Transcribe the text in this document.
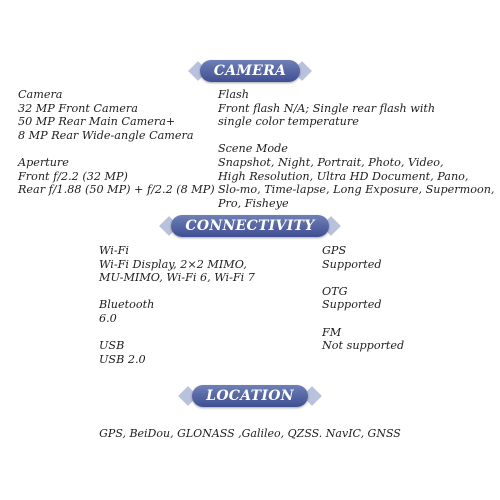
CAMERA

Camera

32 MP Front Camera

50 MP Rear Main Camera+

8 MP Rear Wide-angle Camera

Aperture

Front f/2.2 (32 MP)

Rear f/1.88 (50 MP) + f/2.2 (8 MP)

Flash

Front flash N/A; Single rear flash with

single color temperature

Scene Mode

Snapshot, Night, Portrait, Photo, Video,

High Resolution, Ultra HD Document, Pano,

Slo-mo, Time-lapse, Long Exposure, Supermoon,

Pro, Fisheye

CONNECTIVITY

Wi-Fi

Wi-Fi Display, 2×2 MIMO,

MU-MIMO, Wi-Fi 6, Wi-Fi 7

Bluetooth

6.0

USB

USB 2.0

GPS

Supported

OTG

Supported

FM

Not supported

LOCATION
GPS, BeiDou, GLONASS ,Galileo, QZSS. NavIC, GNSS
